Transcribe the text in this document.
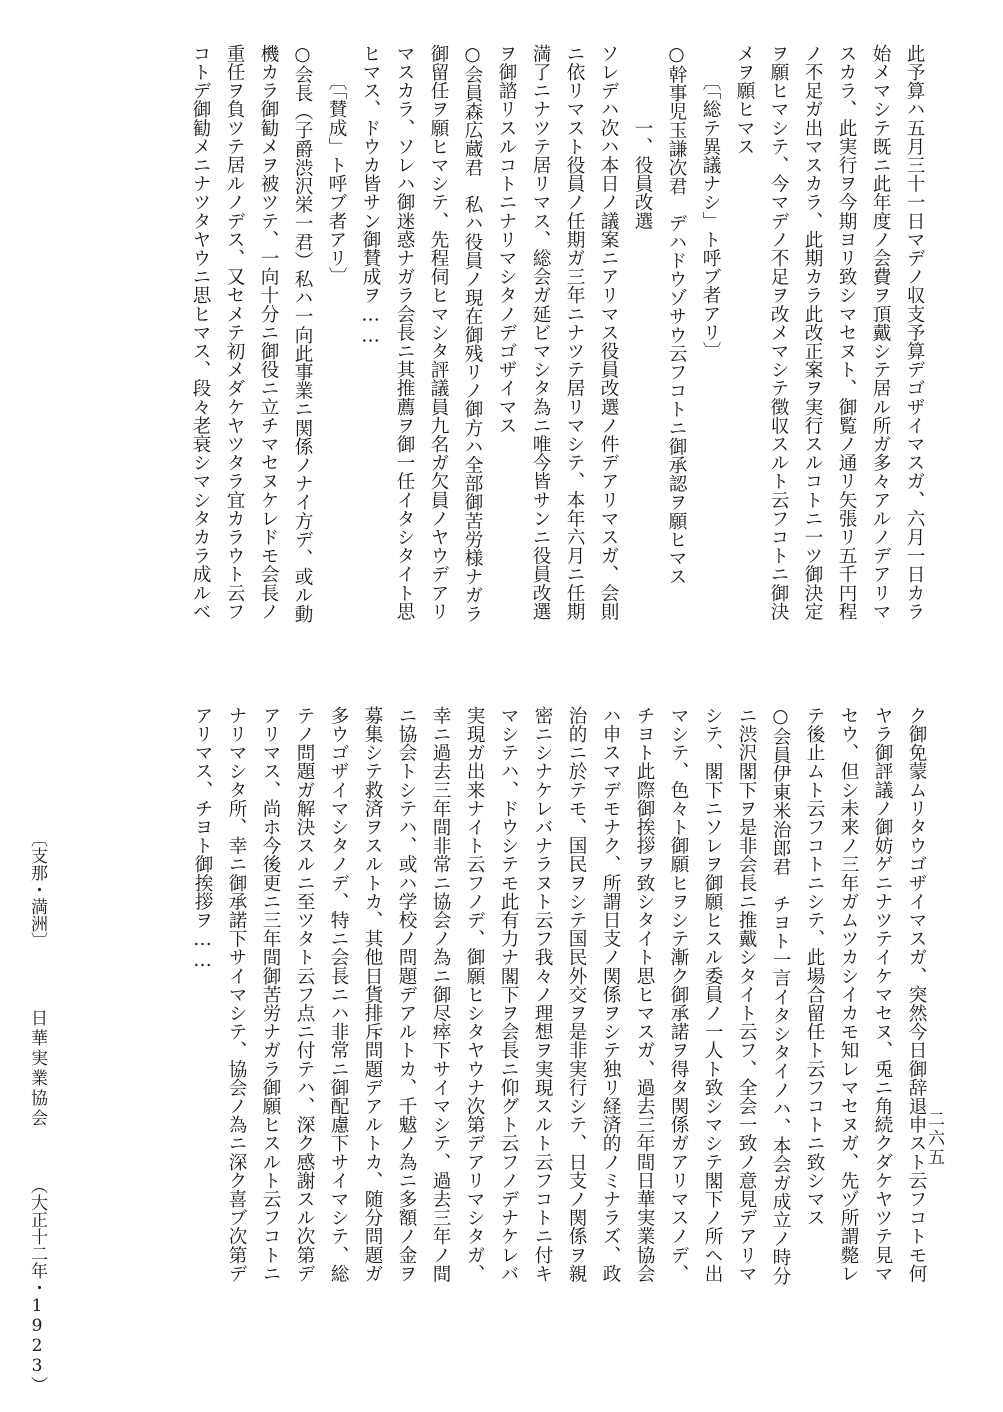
此予算ハ五月三十一日マデノ収支予算デゴザイマスガ、六月一日カラ
始メマシテ既ニ此年度ノ会費ヲ頂戴シテ居ル所ガ多々アルノデアリマ
スカラ、此実行ヲ今期ヨリ致シマセヌト、御覧ノ通リ矢張リ五千円程
ノ不足ガ出マスカラ、此期カラ此改正案ヲ実行スルコトニ一ツ御決定
ヲ願ヒマシテ、今マデノ不足ヲ改メマシテ徴収スルト云フコトニ御決
メヲ願ヒマス
　　〔「総テ異議ナシ」ト呼ブ者アリ〕
○幹事児玉謙次君　デハドウゾサウ云フコトニ御承認ヲ願ヒマス
　　　　一、役員改選
ソレデハ次ハ本日ノ議案ニアリマス役員改選ノ件デアリマスガ、会則
ニ依リマスト役員ノ任期ガ三年ニナツテ居リマシテ、本年六月ニ任期
満了ニナツテ居リマス、総会ガ延ビマシタ為ニ唯今皆サンニ役員改選
ヲ御諮リスルコトニナリマシタノデゴザイマス
○会員森広蔵君　私ハ役員ノ現在御残リノ御方ハ全部御苦労様ナガラ
御留任ヲ願ヒマシテ、先程伺ヒマシタ評議員九名ガ欠員ノヤウデアリ
マスカラ、ソレハ御迷惑ナガラ会長ニ其推薦ヲ御一任イタシタイト思
ヒマス、ドウカ皆サン御賛成ヲ……
　　〔「賛成」ト呼ブ者アリ〕
○会長（子爵渋沢栄一君）私ハ一向此事業ニ関係ノナイ方デ、或ル動
機カラ御勧メヲ被ツテ、一向十分ニ御役ニ立チマセヌケレドモ会長ノ
重任ヲ負ツテ居ルノデス、又セメテ初メダケヤツタラ宜カラウト云フ
コトデ御勧メニナツタヤウニ思ヒマス、段々老衰シマシタカラ成ルベ
ク御免蒙ムリタウゴザイマスガ、突然今日御辞退申スト云フコトモ何
ヤラ御評議ノ御妨ゲニナツテイケマセヌ、兎ニ角続クダケヤツテ見マ
セウ、但シ未来ノ三年ガムツカシイカモ知レマセヌガ、先ヅ所謂斃レ
テ後止ムト云フコトニシテ、此場合留任ト云フコトニ致シマス
○会員伊東米治郎君　チヨト一言イタシタイノハ、本会ガ成立ノ時分
ニ渋沢閣下ヲ是非会長ニ推戴シタイト云フ、全会一致ノ意見デアリマ
シテ、閣下ニソレヲ御願ヒスル委員ノ一人ト致シマシテ閣下ノ所ヘ出
マシテ、色々ト御願ヒヲシテ漸ク御承諾ヲ得タ関係ガアリマスノデ、
チヨト此際御挨拶ヲ致シタイト思ヒマスガ、過去三年間日華実業協会
ハ申スマデモナク、所謂日支ノ関係ヲシテ独リ経済的ノミナラズ、政
治的ニ於テモ、国民ヲシテ国民外交ヲ是非実行シテ、日支ノ関係ヲ親
密ニシナケレバナラヌト云フ我々ノ理想ヲ実現スルト云フコトニ付キ
マシテハ、ドウシテモ此有力ナ閣下ヲ会長ニ仰グト云フノデナケレバ
実現ガ出来ナイト云フノデ、御願ヒシタヤウナ次第デアリマシタガ、
幸ニ過去三年間非常ニ協会ノ為ニ御尽瘁下サイマシテ、過去三年ノ間
ニ協会トシテハ、或ハ学校ノ問題デアルトカ、千魃ノ為ニ多額ノ金ヲ
募集シテ救済ヲスルトカ、其他日貨排斥問題デアルトカ、随分問題ガ
多ウゴザイマシタノデ、特ニ会長ニハ非常ニ御配慮下サイマシテ、総
テノ問題ガ解決スルニ至ツタト云フ点ニ付テハ、深ク感謝スル次第デ
アリマス、尚ホ今後更ニ三年間御苦労ナガラ御願ヒスルト云フコトニ
ナリマシタ所、幸ニ御承諾下サイマシテ、協会ノ為ニ深ク喜ブ次第デ
アリマス、チヨト御挨拶ヲ……
〔支那・満洲〕 日華実業協会 （大正十二年・1923）
二六五
